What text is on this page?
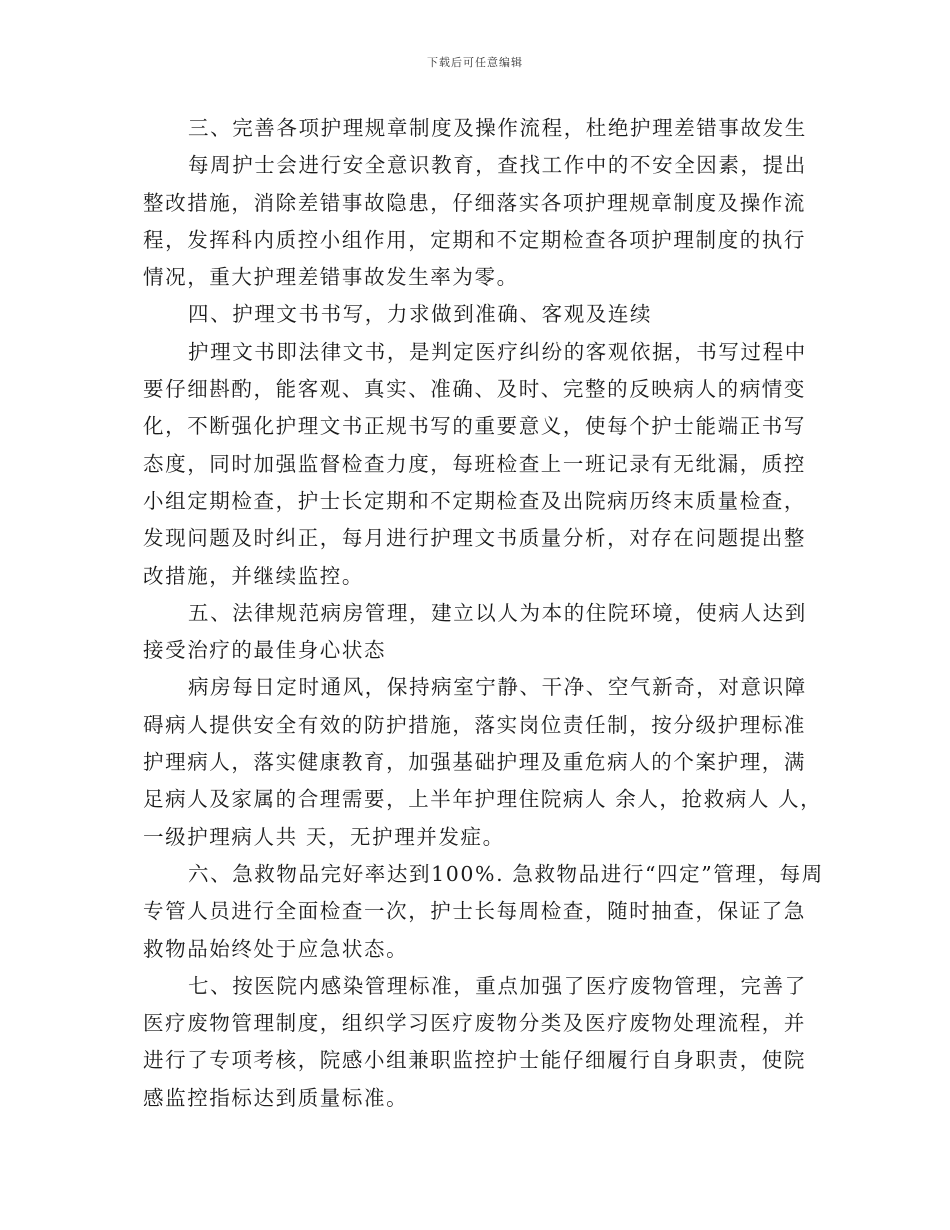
下载后可任意编辑
三、完善各项护理规章制度及操作流程，杜绝护理差错事故发生
每周护士会进行安全意识教育，查找工作中的不安全因素，提出
整改措施，消除差错事故隐患，仔细落实各项护理规章制度及操作流
程，发挥科内质控小组作用，定期和不定期检查各项护理制度的执行
情况，重大护理差错事故发生率为零。
四、护理文书书写，力求做到准确、客观及连续
护理文书即法律文书，是判定医疗纠纷的客观依据，书写过程中
要仔细斟酌，能客观、真实、准确、及时、完整的反映病人的病情变
化，不断强化护理文书正规书写的重要意义，使每个护士能端正书写
态度，同时加强监督检查力度，每班检查上一班记录有无纰漏，质控
小组定期检查，护士长定期和不定期检查及出院病历终末质量检查，
发现问题及时纠正，每月进行护理文书质量分析，对存在问题提出整
改措施，并继续监控。
五、法律规范病房管理，建立以人为本的住院环境，使病人达到
接受治疗的最佳身心状态
病房每日定时通风，保持病室宁静、干净、空气新奇，对意识障
碍病人提供安全有效的防护措施，落实岗位责任制，按分级护理标准
护理病人，落实健康教育，加强基础护理及重危病人的个案护理，满
足病人及家属的合理需要，上半年护理住院病人 余人，抢救病人 人，
一级护理病人共 天，无护理并发症。
六、急救物品完好率达到100%. 急救物品进行“四定”管理，每周
专管人员进行全面检查一次，护士长每周检查，随时抽查，保证了急
救物品始终处于应急状态。
七、按医院内感染管理标准，重点加强了医疗废物管理，完善了
医疗废物管理制度，组织学习医疗废物分类及医疗废物处理流程，并
进行了专项考核，院感小组兼职监控护士能仔细履行自身职责，使院
感监控指标达到质量标准。
